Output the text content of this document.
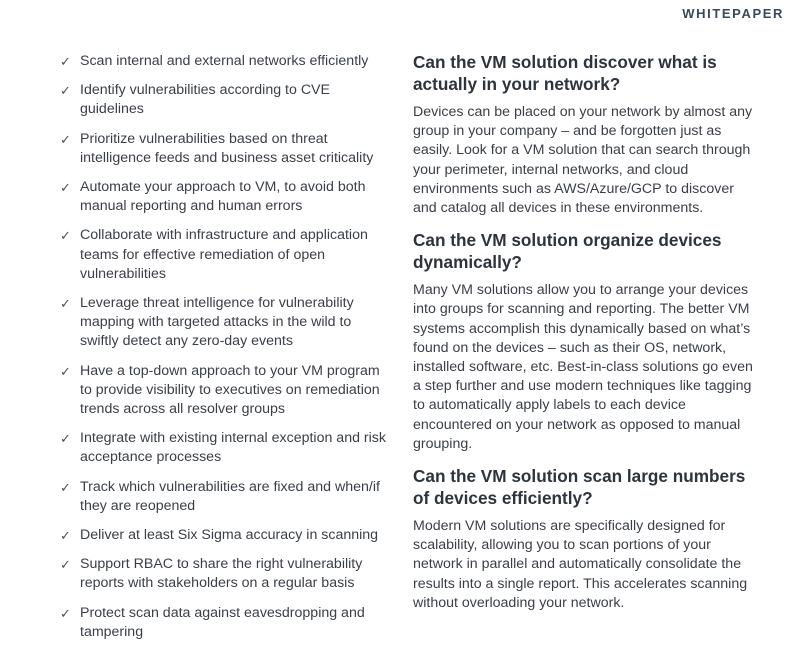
WHITEPAPER
✓ Scan internal and external networks efficiently
✓ Identify vulnerabilities according to CVE guidelines
✓ Prioritize vulnerabilities based on threat intelligence feeds and business asset criticality
✓ Automate your approach to VM, to avoid both manual reporting and human errors
✓ Collaborate with infrastructure and application teams for effective remediation of open vulnerabilities
✓ Leverage threat intelligence for vulnerability mapping with targeted attacks in the wild to swiftly detect any zero-day events
✓ Have a top-down approach to your VM program to provide visibility to executives on remediation trends across all resolver groups
✓ Integrate with existing internal exception and risk acceptance processes
✓ Track which vulnerabilities are fixed and when/if they are reopened
✓ Deliver at least Six Sigma accuracy in scanning
✓ Support RBAC to share the right vulnerability reports with stakeholders on a regular basis
✓ Protect scan data against eavesdropping and tampering
Can the VM solution discover what is actually in your network?

Devices can be placed on your network by almost any group in your company – and be forgotten just as easily. Look for a VM solution that can search through your perimeter, internal networks, and cloud environments such as AWS/Azure/GCP to discover and catalog all devices in these environments.

Can the VM solution organize devices dynamically?

Many VM solutions allow you to arrange your devices into groups for scanning and reporting. The better VM systems accomplish this dynamically based on what’s found on the devices – such as their OS, network, installed software, etc. Best-in-class solutions go even a step further and use modern techniques like tagging to automatically apply labels to each device encountered on your network as opposed to manual grouping.

Can the VM solution scan large numbers of devices efficiently?

Modern VM solutions are specifically designed for scalability, allowing you to scan portions of your network in parallel and automatically consolidate the results into a single report. This accelerates scanning without overloading your network.
